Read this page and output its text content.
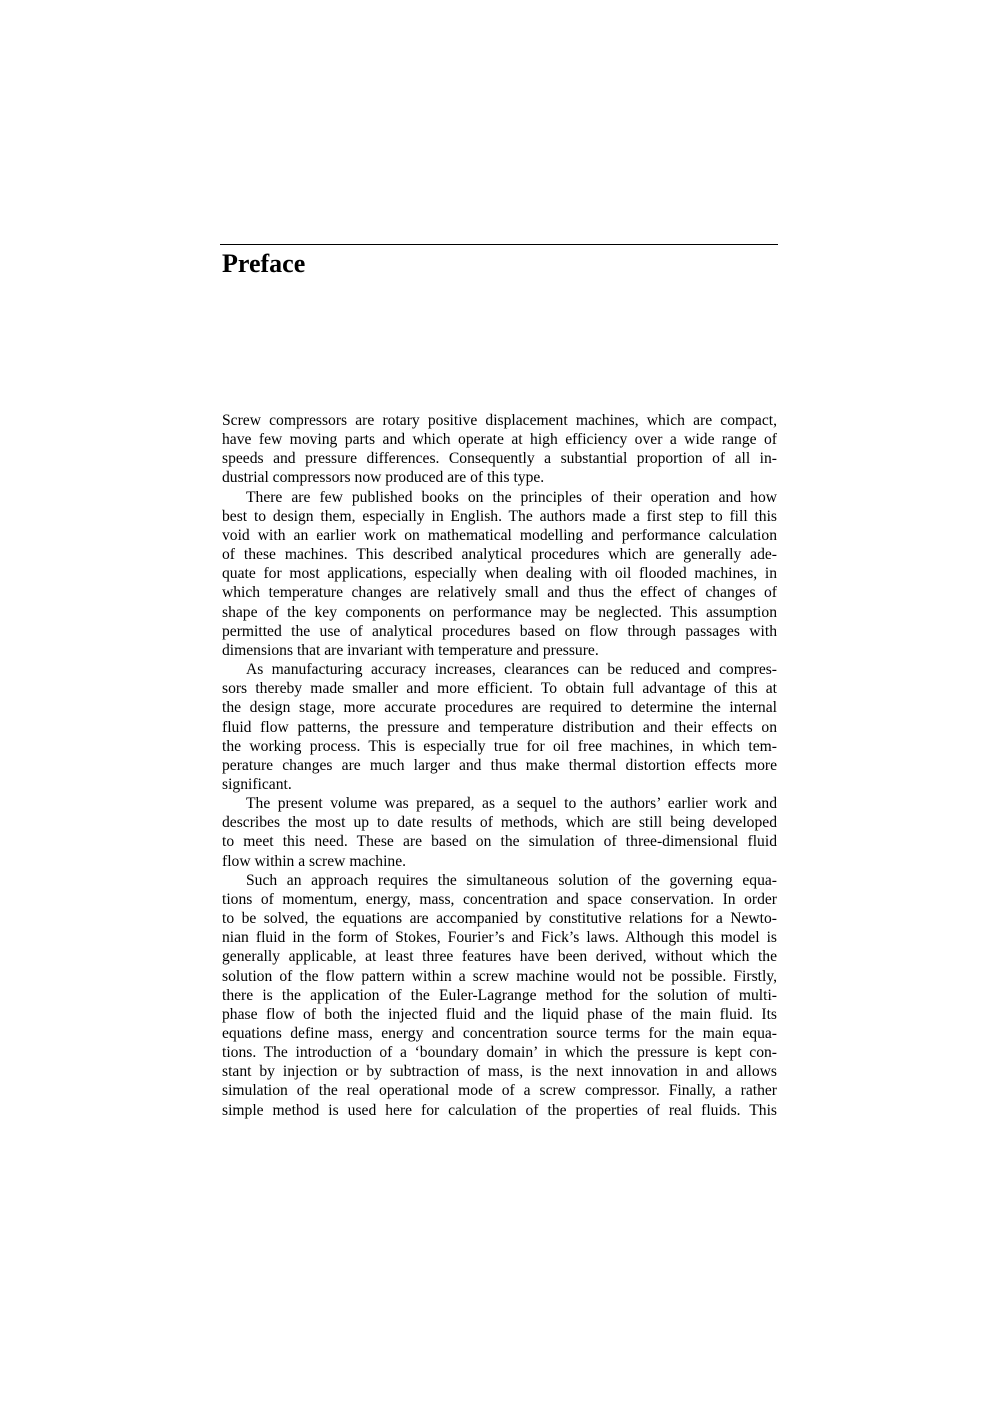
Preface
Screw compressors are rotary positive displacement machines, which are compact,
have few moving parts and which operate at high efficiency over a wide range of
speeds and pressure differences. Consequently a substantial proportion of all in-
dustrial compressors now produced are of this type.
There are few published books on the principles of their operation and how
best to design them, especially in English. The authors made a first step to fill this
void with an earlier work on mathematical modelling and performance calculation
of these machines. This described analytical procedures which are generally ade-
quate for most applications, especially when dealing with oil flooded machines, in
which temperature changes are relatively small and thus the effect of changes of
shape of the key components on performance may be neglected. This assumption
permitted the use of analytical procedures based on flow through passages with
dimensions that are invariant with temperature and pressure.
As manufacturing accuracy increases, clearances can be reduced and compres-
sors thereby made smaller and more efficient. To obtain full advantage of this at
the design stage, more accurate procedures are required to determine the internal
fluid flow patterns, the pressure and temperature distribution and their effects on
the working process. This is especially true for oil free machines, in which tem-
perature changes are much larger and thus make thermal distortion effects more
significant.
The present volume was prepared, as a sequel to the authors’ earlier work and
describes the most up to date results of methods, which are still being developed
to meet this need. These are based on the simulation of three-dimensional fluid
flow within a screw machine.
Such an approach requires the simultaneous solution of the governing equa-
tions of momentum, energy, mass, concentration and space conservation. In order
to be solved, the equations are accompanied by constitutive relations for a Newto-
nian fluid in the form of Stokes, Fourier’s and Fick’s laws. Although this model is
generally applicable, at least three features have been derived, without which the
solution of the flow pattern within a screw machine would not be possible. Firstly,
there is the application of the Euler-Lagrange method for the solution of multi-
phase flow of both the injected fluid and the liquid phase of the main fluid. Its
equations define mass, energy and concentration source terms for the main equa-
tions. The introduction of a ‘boundary domain’ in which the pressure is kept con-
stant by injection or by subtraction of mass, is the next innovation in and allows
simulation of the real operational mode of a screw compressor. Finally, a rather
simple method is used here for calculation of the properties of real fluids. This
